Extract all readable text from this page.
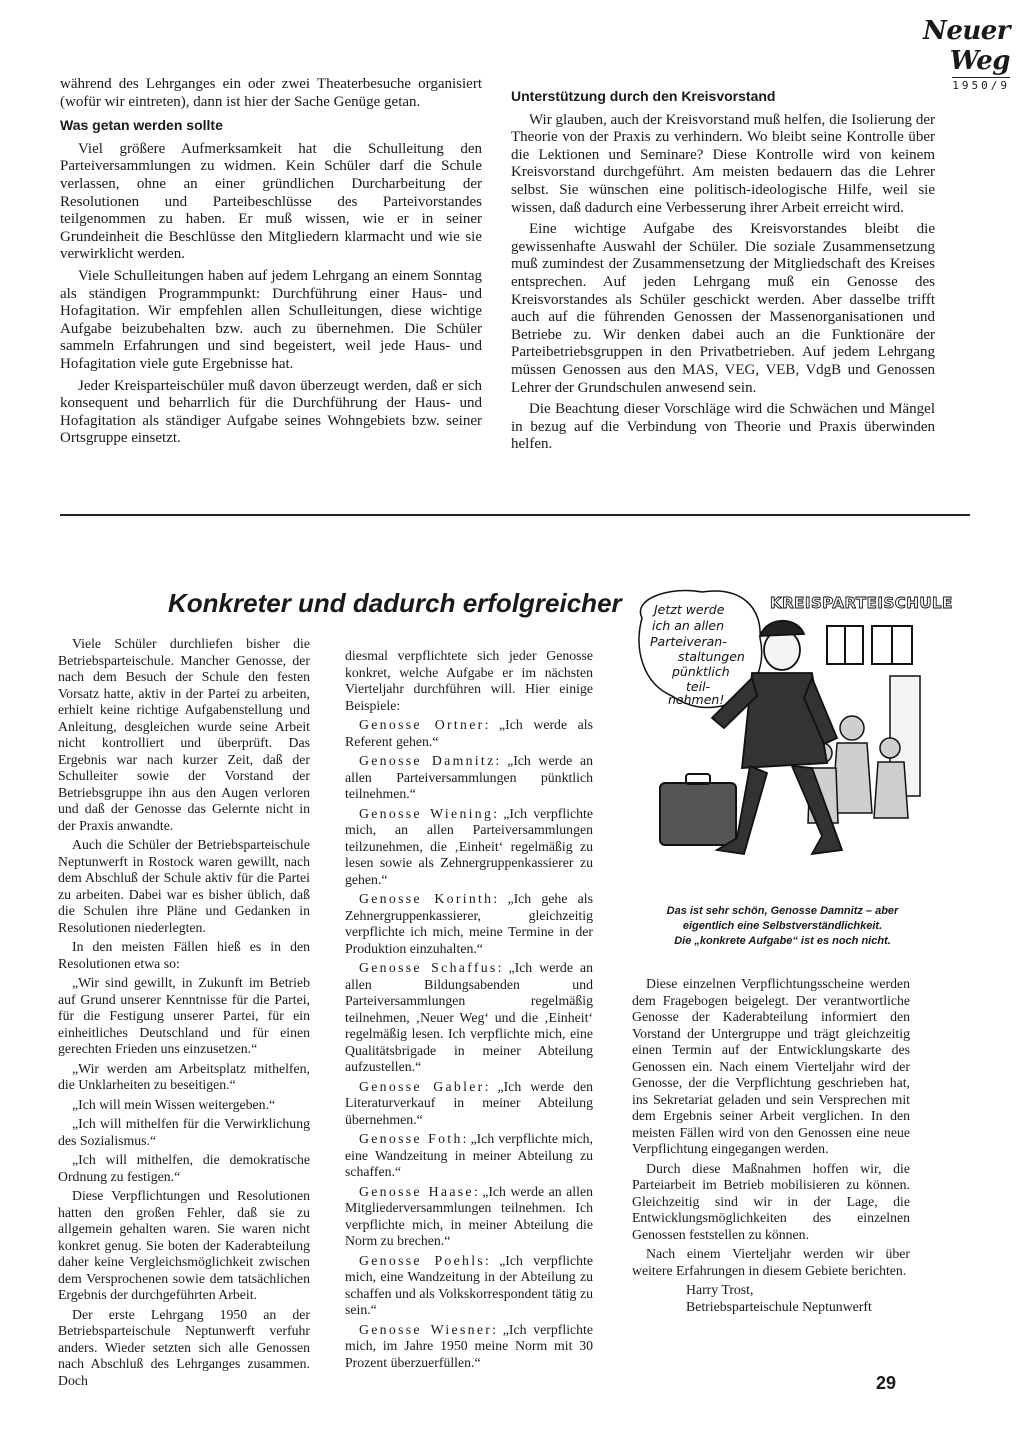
Neuer Weg
1950/9

während des Lehrganges ein oder zwei Theaterbesuche organisiert (wofür wir eintreten), dann ist hier der Sache Genüge getan.

Was getan werden sollte

Viel größere Aufmerksamkeit hat die Schulleitung den Parteiversammlungen zu widmen. Kein Schüler darf die Schule verlassen, ohne an einer gründlichen Durcharbeitung der Resolutionen und Parteibeschlüsse des Parteivorstandes teilgenommen zu haben. Er muß wissen, wie er in seiner Grundeinheit die Beschlüsse den Mitgliedern klarmacht und wie sie verwirklicht werden.

Viele Schulleitungen haben auf jedem Lehrgang an einem Sonntag als ständigen Programmpunkt: Durchführung einer Haus- und Hofagitation. Wir empfehlen allen Schulleitungen, diese wichtige Aufgabe beizubehalten bzw. auch zu übernehmen. Die Schüler sammeln Erfahrungen und sind begeistert, weil jede Haus- und Hofagitation viele gute Ergebnisse hat.

Jeder Kreisparteischüler muß davon überzeugt werden, daß er sich konsequent und beharrlich für die Durchführung der Haus- und Hofagitation als ständiger Aufgabe seines Wohngebiets bzw. seiner Ortsgruppe einsetzt.

Unterstützung durch den Kreisvorstand

Wir glauben, auch der Kreisvorstand muß helfen, die Isolierung der Theorie von der Praxis zu verhindern. Wo bleibt seine Kontrolle über die Lektionen und Seminare? Diese Kontrolle wird von keinem Kreisvorstand durchgeführt. Am meisten bedauern das die Lehrer selbst. Sie wünschen eine politisch-ideologische Hilfe, weil sie wissen, daß dadurch eine Verbesserung ihrer Arbeit erreicht wird.

Eine wichtige Aufgabe des Kreisvorstandes bleibt die gewissenhafte Auswahl der Schüler. Die soziale Zusammensetzung muß zumindest der Zusammensetzung der Mitgliedschaft des Kreises entsprechen. Auf jeden Lehrgang muß ein Genosse des Kreisvorstandes als Schüler geschickt werden. Aber dasselbe trifft auch auf die führenden Genossen der Massenorganisationen und Betriebe zu. Wir denken dabei auch an die Funktionäre der Parteibetriebsgruppen in den Privatbetrieben. Auf jedem Lehrgang müssen Genossen aus den MAS, VEG, VEB, VdgB und Genossen Lehrer der Grundschulen anwesend sein.

Die Beachtung dieser Vorschläge wird die Schwächen und Mängel in bezug auf die Verbindung von Theorie und Praxis überwinden helfen.

Konkreter und dadurch erfolgreicher

Viele Schüler durchliefen bisher die Betriebsparteischule. Mancher Genosse, der nach dem Besuch der Schule den festen Vorsatz hatte, aktiv in der Partei zu arbeiten, erhielt keine richtige Aufgabenstellung und Anleitung, desgleichen wurde seine Arbeit nicht kontrolliert und überprüft. Das Ergebnis war nach kurzer Zeit, daß der Schulleiter sowie der Vorstand der Betriebsgruppe ihn aus den Augen verloren und daß der Genosse das Gelernte nicht in der Praxis anwandte.

Auch die Schüler der Betriebsparteischule Neptunwerft in Rostock waren gewillt, nach dem Abschluß der Schule aktiv für die Partei zu arbeiten. Dabei war es bisher üblich, daß die Schulen ihre Pläne und Gedanken in Resolutionen niederlegten.

In den meisten Fällen hieß es in den Resolutionen etwa so:

„Wir sind gewillt, in Zukunft im Betrieb auf Grund unserer Kenntnisse für die Partei, für die Festigung unserer Partei, für ein einheitliches Deutschland und für einen gerechten Frieden uns einzusetzen.“

„Wir werden am Arbeitsplatz mithelfen, die Unklarheiten zu beseitigen.“

„Ich will mein Wissen weitergeben.“

„Ich will mithelfen für die Verwirklichung des Sozialismus.“

„Ich will mithelfen, die demokratische Ordnung zu festigen.“

Diese Verpflichtungen und Resolutionen hatten den großen Fehler, daß sie zu allgemein gehalten waren. Sie waren nicht konkret genug. Sie boten der Kaderabteilung daher keine Vergleichsmöglichkeit zwischen dem Versprochenen sowie dem tatsächlichen Ergebnis der durchgeführten Arbeit.

Der erste Lehrgang 1950 an der Betriebsparteischule Neptunwerft verfuhr anders. Wieder setzten sich alle Genossen nach Abschluß des Lehrganges zusammen. Doch

diesmal verpflichtete sich jeder Genosse konkret, welche Aufgabe er im nächsten Vierteljahr durchführen will. Hier einige Beispiele:

Genosse Ortner: „Ich werde als Referent gehen.“

Genosse Damnitz: „Ich werde an allen Parteiversammlungen pünktlich teilnehmen.“

Genosse Wiening: „Ich verpflichte mich, an allen Parteiversammlungen teilzunehmen, die ‚Einheit‘ regelmäßig zu lesen sowie als Zehnergruppenkassierer zu gehen.“

Genosse Korinth: „Ich gehe als Zehnergruppenkassierer, gleichzeitig verpflichte ich mich, meine Termine in der Produktion einzuhalten.“

Genosse Schaffus: „Ich werde an allen Bildungsabenden und Parteiversammlungen regelmäßig teilnehmen, ‚Neuer Weg‘ und die ‚Einheit‘ regelmäßig lesen. Ich verpflichte mich, eine Qualitätsbrigade in meiner Abteilung aufzustellen.“

Genosse Gabler: „Ich werde den Literaturverkauf in meiner Abteilung übernehmen.“

Genosse Foth: „Ich verpflichte mich, eine Wandzeitung in meiner Abteilung zu schaffen.“

Genosse Haase: „Ich werde an allen Mitgliederversammlungen teilnehmen. Ich verpflichte mich, in meiner Abteilung die Norm zu brechen.“

Genosse Poehls: „Ich verpflichte mich, eine Wandzeitung in der Abteilung zu schaffen und als Volkskorrespondent tätig zu sein.“

Genosse Wiesner: „Ich verpflichte mich, im Jahre 1950 meine Norm mit 30 Prozent überzuerfüllen.“

KREISPARTEISCHULE
Jetzt werde
ich an allen
Parteiveran-
staltungen
pünktlich
teil-
nehmen!
Das ist sehr schön, Genosse Damnitz – aber
eigentlich eine Selbstverständlichkeit.
Die „konkrete Aufgabe“ ist es noch nicht.

Diese einzelnen Verpflichtungsscheine werden dem Fragebogen beigelegt. Der verantwortliche Genosse der Kaderabteilung informiert den Vorstand der Untergruppe und trägt gleichzeitig einen Termin auf der Entwicklungskarte des Genossen ein. Nach einem Vierteljahr wird der Genosse, der die Verpflichtung geschrieben hat, ins Sekretariat geladen und sein Versprechen mit dem Ergebnis seiner Arbeit verglichen. In den meisten Fällen wird von den Genossen eine neue Verpflichtung eingegangen werden.

Durch diese Maßnahmen hoffen wir, die Parteiarbeit im Betrieb mobilisieren zu können. Gleichzeitig sind wir in der Lage, die Entwicklungsmöglichkeiten des einzelnen Genossen feststellen zu können.

Nach einem Vierteljahr werden wir über weitere Erfahrungen in diesem Gebiete berichten.

Harry Trost,
Betriebsparteischule Neptunwerft
29
